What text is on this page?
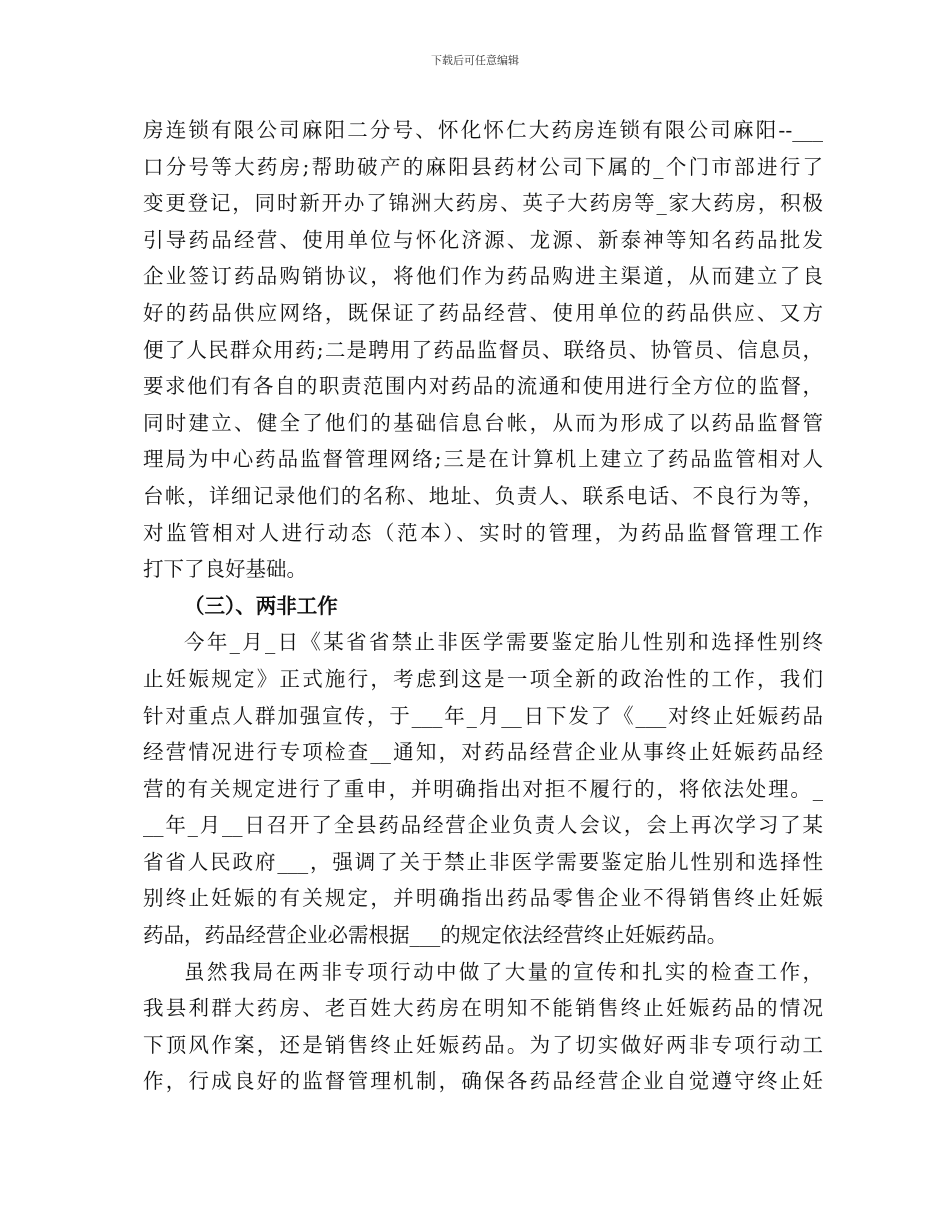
下载后可任意编辑
房连锁有限公司麻阳二分号、怀化怀仁大药房连锁有限公司麻阳--___
口分号等大药房;帮助破产的麻阳县药材公司下属的_个门市部进行了
变更登记，同时新开办了锦洲大药房、英子大药房等_家大药房，积极
引导药品经营、使用单位与怀化济源、龙源、新泰神等知名药品批发
企业签订药品购销协议，将他们作为药品购进主渠道，从而建立了良
好的药品供应网络，既保证了药品经营、使用单位的药品供应、又方
便了人民群众用药;二是聘用了药品监督员、联络员、协管员、信息员，
要求他们有各自的职责范围内对药品的流通和使用进行全方位的监督，
同时建立、健全了他们的基础信息台帐，从而为形成了以药品监督管
理局为中心药品监督管理网络;三是在计算机上建立了药品监管相对人
台帐，详细记录他们的名称、地址、负责人、联系电话、不良行为等，
对监管相对人进行动态（范本）、实时的管理，为药品监督管理工作
打下了良好基础。
（三）、两非工作
今年_月_日《某省省禁止非医学需要鉴定胎儿性别和选择性别终
止妊娠规定》正式施行，考虑到这是一项全新的政治性的工作，我们
针对重点人群加强宣传，于___年_月__日下发了《___对终止妊娠药品
经营情况进行专项检查__通知，对药品经营企业从事终止妊娠药品经
营的有关规定进行了重申，并明确指出对拒不履行的，将依法处理。_
__年_月__日召开了全县药品经营企业负责人会议，会上再次学习了某
省省人民政府___，强调了关于禁止非医学需要鉴定胎儿性别和选择性
别终止妊娠的有关规定，并明确指出药品零售企业不得销售终止妊娠
药品，药品经营企业必需根据___的规定依法经营终止妊娠药品。
虽然我局在两非专项行动中做了大量的宣传和扎实的检查工作，
我县利群大药房、老百姓大药房在明知不能销售终止妊娠药品的情况
下顶风作案，还是销售终止妊娠药品。为了切实做好两非专项行动工
作，行成良好的监督管理机制，确保各药品经营企业自觉遵守终止妊
